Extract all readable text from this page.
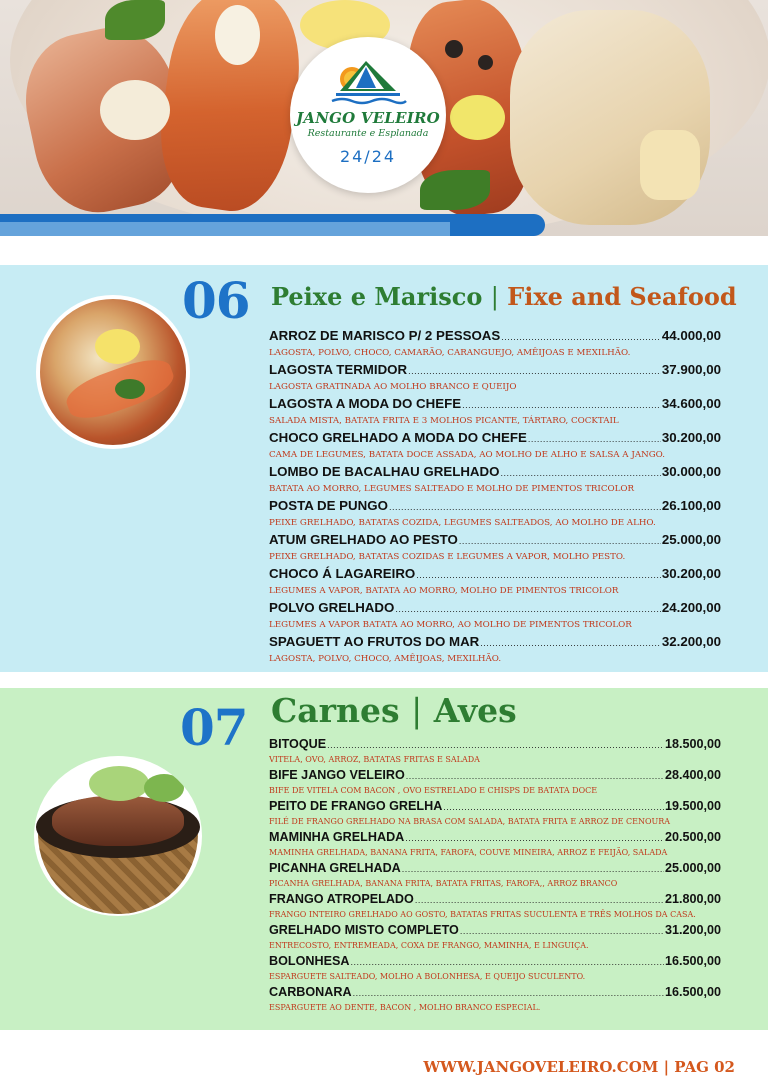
JANGO VELEIRO
Restaurante e Esplanada
24/24
06 Peixe e Marisco | Fixe and Seafood
ARROZ DE MARISCO P/ 2 PESSOAS .....	44.000,00
LAGOSTA, POLVO, CHOCO, CAMARÃO, CARANGUEJO, AMÊIJOAS E MEXILHÃO.
LAGOSTA TERMIDOR .....	37.900,00
LAGOSTA GRATINADA AO MOLHO BRANCO E QUEIJO
LAGOSTA A MODA DO CHEFE .....	34.600,00
SALADA MISTA, BATATA FRITA E 3 MOLHOS PICANTE, TÁRTARO, COCKTAIL
CHOCO GRELHADO A MODA DO CHEFE .....	30.200,00
CAMA DE LEGUMES, BATATA DOCE ASSADA, AO MOLHO DE ALHO E SALSA A JANGO.
LOMBO DE BACALHAU GRELHADO .....	30.000,00
BATATA AO MORRO, LEGUMES SALTEADO E MOLHO DE PIMENTOS TRICOLOR
POSTA DE PUNGO .....	26.100,00
PEIXE GRELHADO, BATATAS COZIDA, LEGUMES SALTEADOS, AO MOLHO DE ALHO.
ATUM GRELHADO AO PESTO .....	25.000,00
PEIXE GRELHADO, BATATAS COZIDAS E LEGUMES A VAPOR, MOLHO PESTO.
CHOCO Á LAGAREIRO .....	30.200,00
LEGUMES A VAPOR, BATATA AO MORRO, MOLHO DE PIMENTOS TRICOLOR
POLVO GRELHADO .....	24.200,00
LEGUMES A VAPOR BATATA AO MORRO, AO MOLHO DE PIMENTOS TRICOLOR
SPAGUETT AO FRUTOS DO MAR .....	32.200,00
LAGOSTA, POLVO, CHOCO, AMÊIJOAS, MEXILHÃO.
07 Carnes | Aves
BITOQUE .....	18.500,00
VITELA, OVO, ARROZ, BATATAS FRITAS E SALADA
BIFE JANGO VELEIRO .....	28.400,00
BIFE DE VITELA COM BACON , OVO ESTRELADO E CHISPS DE BATATA DOCE
PEITO DE FRANGO GRELHA .....	19.500,00
FILÉ DE FRANGO GRELHADO NA BRASA COM SALADA, BATATA FRITA E ARROZ DE CENOURA
MAMINHA GRELHADA .....	20.500,00
MAMINHA GRELHADA, BANANA FRITA, FAROFA, COUVE MINEIRA, ARROZ E FEIJÃO, SALADA
PICANHA GRELHADA .....	25.000,00
PICANHA GRELHADA, BANANA FRITA, BATATA FRITAS, FAROFA,, ARROZ BRANCO
FRANGO ATROPELADO .....	21.800,00
FRANGO INTEIRO GRELHADO AO GOSTO, BATATAS FRITAS SUCULENTA E TRÊS MOLHOS DA CASA.
GRELHADO MISTO COMPLETO .....	31.200,00
ENTRECOSTO, ENTREMEADA, COXA DE FRANGO, MAMINHA, E LINGUIÇA.
BOLONHESA .....	16.500,00
ESPARGUETE SALTEADO, MOLHO A BOLONHESA, E QUEIJO SUCULENTO.
CARBONARA .....	16.500,00
ESPARGUETE AO DENTE, BACON , MOLHO BRANCO ESPECIAL.
WWW.JANGOVELEIRO.COM | PAG 02
